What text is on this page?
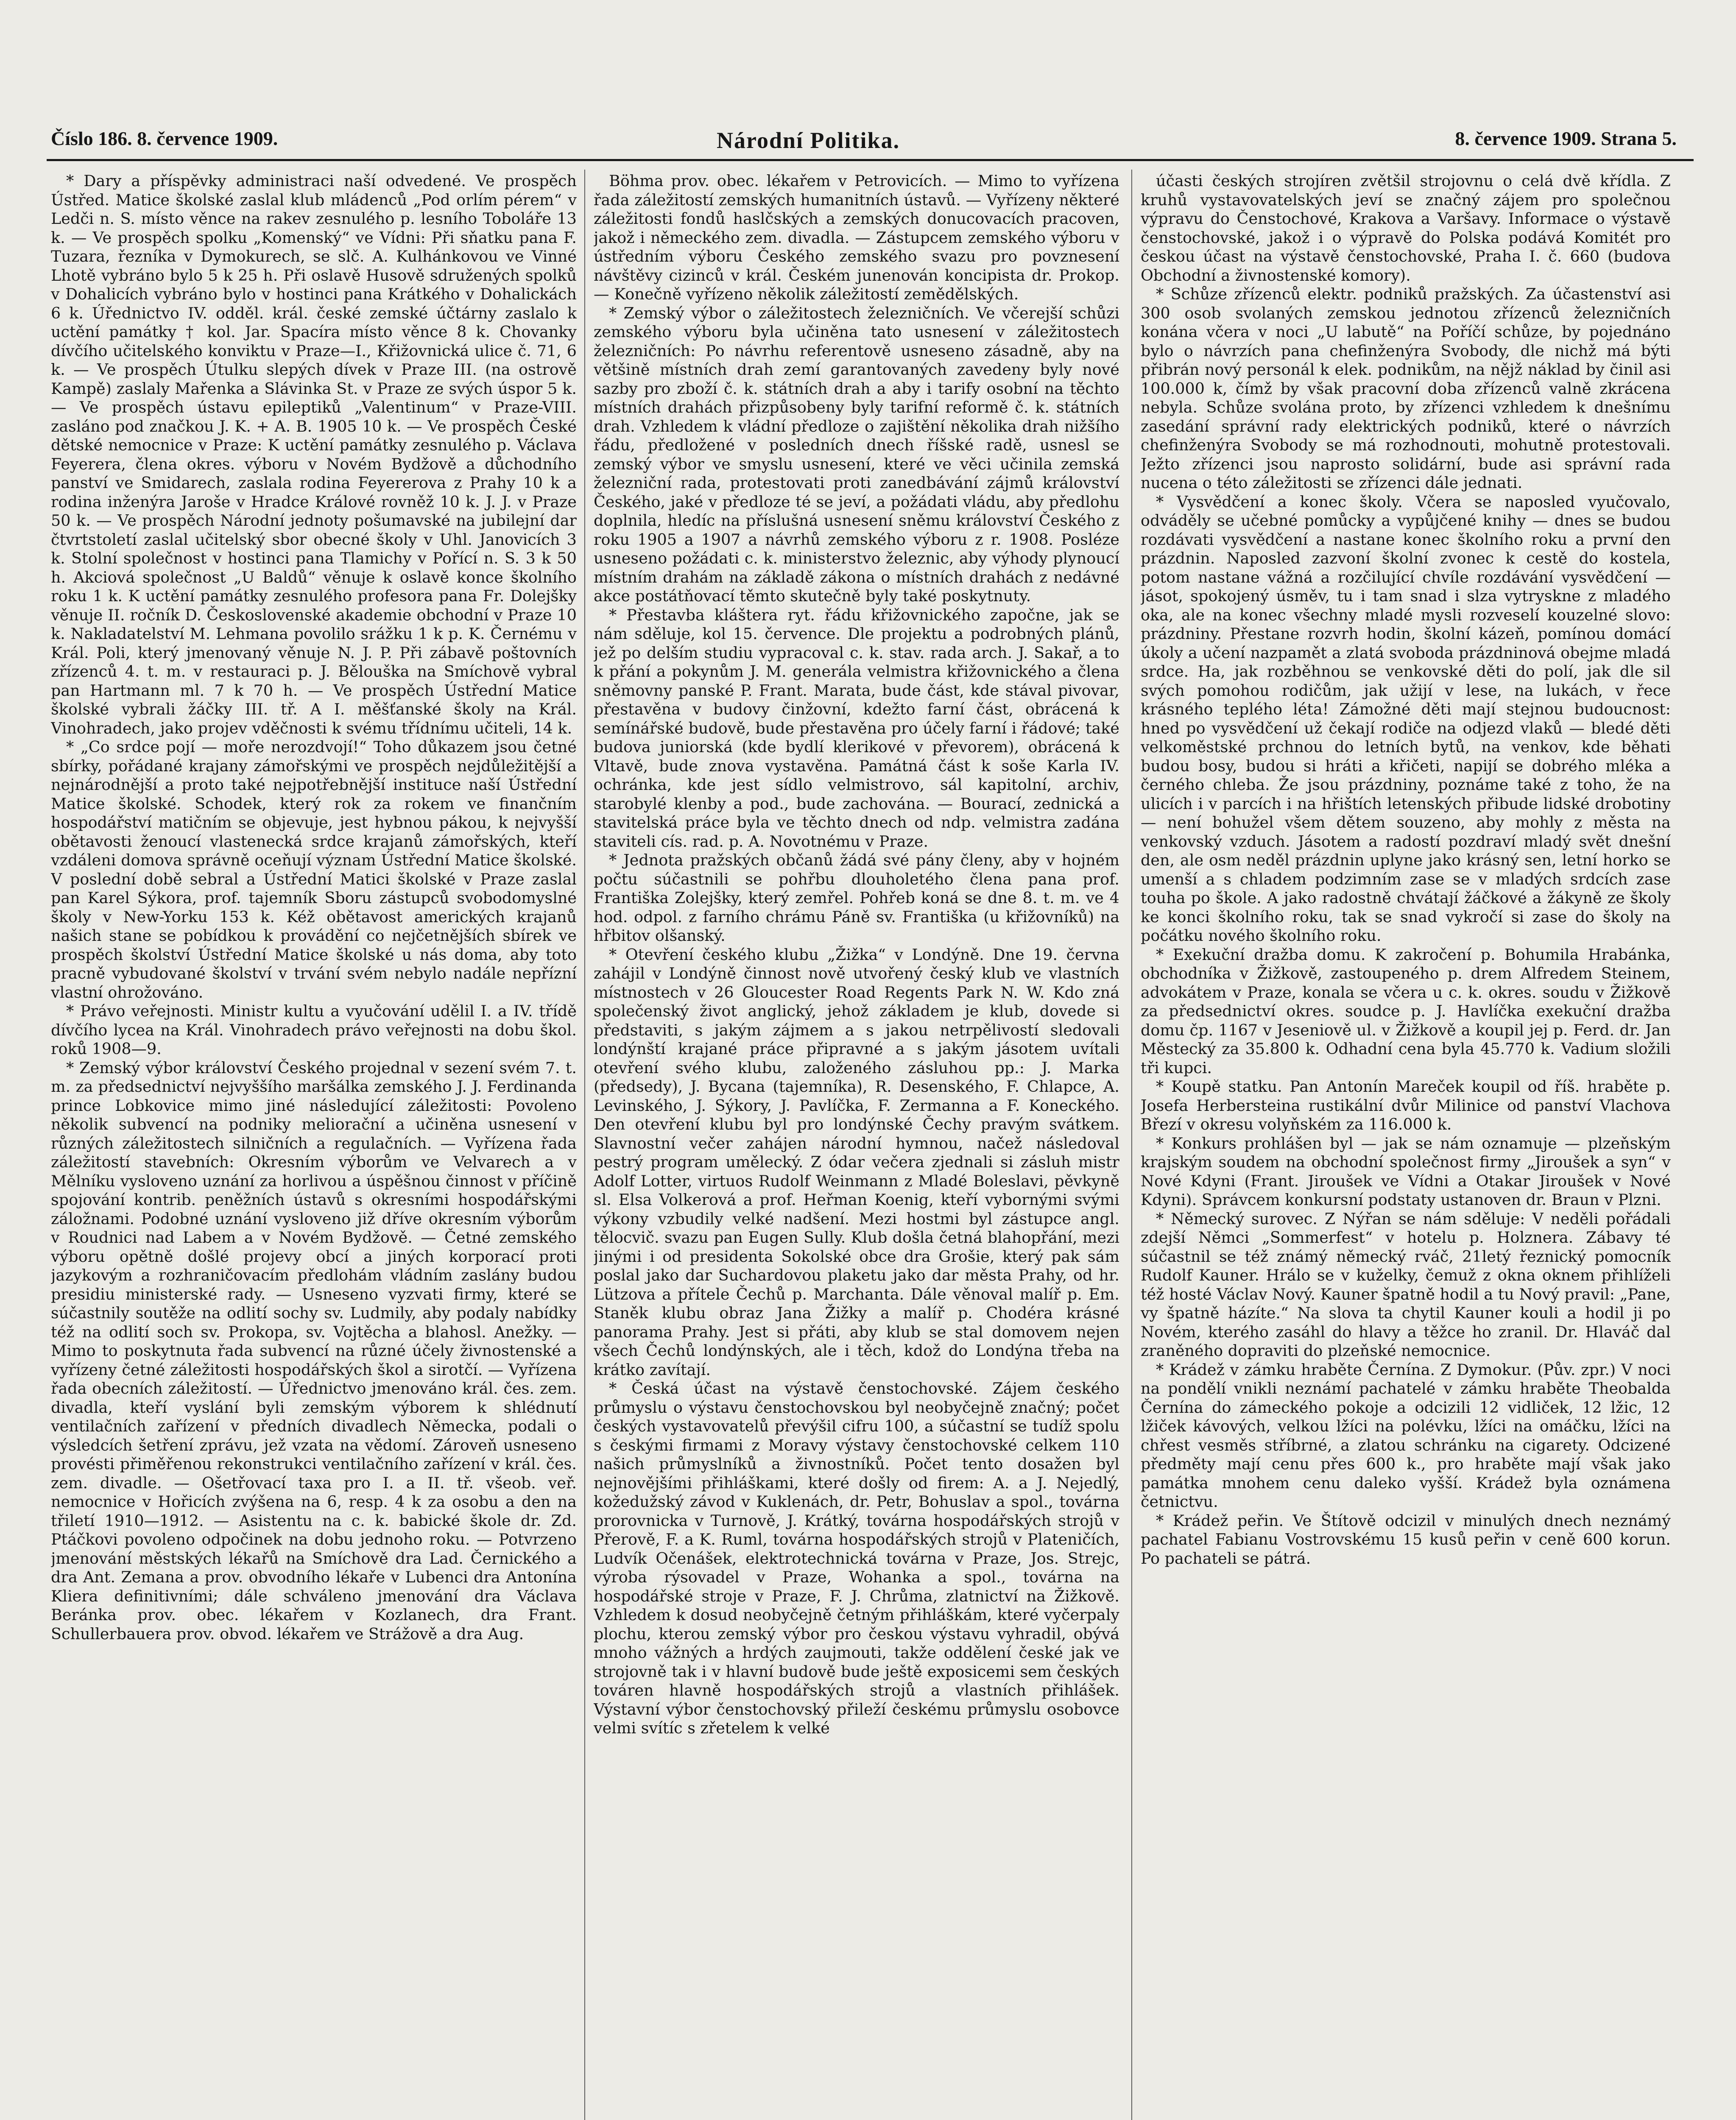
Číslo 186. 8. července 1909.	Národní Politika.	8. července 1909. Strana 5.

* Dary a příspěvky administraci naší odvedené. Ve prospěch Ústřed. Matice školské zaslal klub mládenců „Pod orlím pérem“ v Ledči n. S. místo věnce na rakev zesnulého p. lesního Toboláře 13 k. — Ve prospěch spolku „Komenský“ ve Vídni: Při sňatku pana F. Tuzara, řezníka v Dymokurech, se slč. A. Kulhánkovou ve Vinné Lhotě vybráno bylo 5 k 25 h. Při oslavě Husově sdružených spolků v Dohalicích vybráno bylo v hostinci pana Krátkého v Dohalickách 6 k. Úřednictvo IV. odděl. král. české zemské účtárny zaslalo k uctění památky † kol. Jar. Spacíra místo věnce 8 k. Chovanky dívčího učitelského konviktu v Praze—I., Křižovnická ulice č. 71, 6 k. — Ve prospěch Útulku slepých dívek v Praze III. (na ostrově Kampě) zaslaly Mařenka a Slávinka St. v Praze ze svých úspor 5 k. — Ve prospěch ústavu epileptiků „Valentinum“ v Praze-VIII. zasláno pod značkou J. K. + A. B. 1905 10 k. — Ve prospěch České dětské nemocnice v Praze: K uctění památky zesnulého p. Václava Feyerera, člena okres. výboru v Novém Bydžově a důchodního panství ve Smidarech, zaslala rodina Feyererova z Prahy 10 k a rodina inženýra Jaroše v Hradce Králové rovněž 10 k. J. J. v Praze 50 k. — Ve prospěch Národní jednoty pošumavské na jubilejní dar čtvrtstoletí zaslal učitelský sbor obecné školy v Uhl. Janovicích 3 k. Stolní společnost v hostinci pana Tlamichy v Pořící n. S. 3 k 50 h. Akciová společnost „U Baldů“ věnuje k oslavě konce školního roku 1 k. K uctění památky zesnulého profesora pana Fr. Dolejšky věnuje II. ročník D. Československé akademie obchodní v Praze 10 k. Nakladatelství M. Lehmana povolilo srážku 1 k p. K. Černému v Král. Poli, který jmenovaný věnuje N. J. P. Při zábavě poštovních zřízenců 4. t. m. v restauraci p. J. Bělouška na Smíchově vybral pan Hartmann ml. 7 k 70 h. — Ve prospěch Ústřední Matice školské vybrali žáčky III. tř. A I. měšťanské školy na Král. Vinohradech, jako projev vděčnosti k svému třídnímu učiteli, 14 k.

* „Co srdce pojí — moře nerozdvojí!“ Toho důkazem jsou četné sbírky, pořádané krajany zámořskými ve prospěch nejdůležitější a nejnárodnější a proto také nejpotřebnější instituce naší Ústřední Matice školské. Schodek, který rok za rokem ve finančním hospodářství matičním se objevuje, jest hybnou pákou, k nejvyšší obětavosti ženoucí vlastenecká srdce krajanů zámořských, kteří vzdáleni domova správně oceňují význam Ústřední Matice školské. V poslední době sebral a Ústřední Matici školské v Praze zaslal pan Karel Sýkora, prof. tajemník Sboru zástupců svobodomyslné školy v New-Yorku 153 k. Kéž obětavost amerických krajanů našich stane se pobídkou k provádění co nejčetnějších sbírek ve prospěch školství Ústřední Matice školské u nás doma, aby toto pracně vybudované školství v trvání svém nebylo nadále nepřízní vlastní ohrožováno.

* Právo veřejnosti. Ministr kultu a vyučování udělil I. a IV. třídě dívčího lycea na Král. Vinohradech právo veřejnosti na dobu škol. roků 1908—9.

* Zemský výbor království Českého projednal v sezení svém 7. t. m. za předsednictví nejvyššího maršálka zemského J. J. Ferdinanda prince Lobkovice mimo jiné následující záležitosti: Povoleno několik subvencí na podniky meliorační a učiněna usnesení v různých záležitostech silničních a regulačních. — Vyřízena řada záležitostí stavebních: Okresním výborům ve Velvarech a v Mělníku vysloveno uznání za horlivou a úspěšnou činnost v příčině spojování kontrib. peněžních ústavů s okresními hospodářskými záložnami. Podobné uznání vysloveno již dříve okresním výborům v Roudnici nad Labem a v Novém Bydžově. — Četné zemského výboru opětně došlé projevy obcí a jiných korporací proti jazykovým a rozhraničovacím předlohám vládním zaslány budou presidiu ministerské rady. — Usneseno vyzvati firmy, které se súčastnily soutěže na odlití sochy sv. Ludmily, aby podaly nabídky též na odlití soch sv. Prokopa, sv. Vojtěcha a blahosl. Anežky. — Mimo to poskytnuta řada subvencí na různé účely živnostenské a vyřízeny četné záležitosti hospodářských škol a sirotčí. — Vyřízena řada obecních záležitostí. — Úřednictvo jmenováno král. čes. zem. divadla, kteří vyslání byli zemským výborem k shlédnutí ventilačních zařízení v předních divadlech Německa, podali o výsledcích šetření zprávu, jež vzata na vědomí. Zároveň usneseno provésti přiměřenou rekonstrukci ventilačního zařízení v král. čes. zem. divadle. — Ošetřovací taxa pro I. a II. tř. všeob. veř. nemocnice v Hořicích zvýšena na 6, resp. 4 k za osobu a den na třiletí 1910—1912. — Asistentu na c. k. babické škole dr. Zd. Ptáčkovi povoleno odpočinek na dobu jednoho roku. — Potvrzeno jmenování městských lékařů na Smíchově dra Lad. Černického a dra Ant. Zemana a prov. obvodního lékaře v Lubenci dra Antonína Kliera definitivními; dále schváleno jmenování dra Václava Beránka prov. obec. lékařem v Kozlanech, dra Frant. Schullerbauera prov. obvod. lékařem ve Strážově a dra Aug.

Böhma prov. obec. lékařem v Petrovicích. — Mimo to vyřízena řada záležitostí zemských humanitních ústavů. — Vyřízeny některé záležitosti fondů haslčských a zemských donucovacích pracoven, jakož i německého zem. divadla. — Zástupcem zemského výboru v ústředním výboru Českého zemského svazu pro povznesení návštěvy cizinců v král. Českém junenován koncipista dr. Prokop. — Konečně vyřízeno několik záležitostí zemědělských.

* Zemský výbor o záležitostech železničních. Ve včerejší schůzi zemského výboru byla učiněna tato usnesení v záležitostech železničních: Po návrhu referentově usneseno zásadně, aby na většině místních drah zemí garantovaných zavedeny byly nové sazby pro zboží č. k. státních drah a aby i tarify osobní na těchto místních drahách přizpůsobeny byly tarifní reformě č. k. státních drah. Vzhledem k vládní předloze o zajištění několika drah nižšího řádu, předložené v posledních dnech říšské radě, usnesl se zemský výbor ve smyslu usnesení, které ve věci učinila zemská železniční rada, protestovati proti zanedbávání zájmů království Českého, jaké v předloze té se jeví, a požádati vládu, aby předlohu doplnila, hledíc na příslušná usnesení sněmu království Českého z roku 1905 a 1907 a návrhů zemského výboru z r. 1908. Posléze usneseno požádati c. k. ministerstvo železnic, aby výhody plynoucí místním drahám na základě zákona o místních drahách z nedávné akce postátňovací těmto skutečně byly také poskytnuty.

* Přestavba kláštera ryt. řádu křižovnického započne, jak se nám sděluje, kol 15. července. Dle projektu a podrobných plánů, jež po delším studiu vypracoval c. k. stav. rada arch. J. Sakař, a to k přání a pokynům J. M. generála velmistra křižovnického a člena sněmovny panské P. Frant. Marata, bude část, kde stával pivovar, přestavěna v budovy činžovní, kdežto farní část, obrácená k semínářské budově, bude přestavěna pro účely farní i řádové; také budova juniorská (kde bydlí klerikové v převorem), obrácená k Vltavě, bude znova vystavěna. Památná část k soše Karla IV. ochránka, kde jest sídlo velmistrovo, sál kapitolní, archiv, starobylé klenby a pod., bude zachována. — Bourací, zednická a stavitelská práce byla ve těchto dnech od ndp. velmistra zadána staviteli cís. rad. p. A. Novotnému v Praze.

* Jednota pražských občanů žádá své pány členy, aby v hojném počtu súčastnili se pohřbu dlouholetého člena pana prof. Františka Zolejšky, který zemřel. Pohřeb koná se dne 8. t. m. ve 4 hod. odpol. z farního chrámu Páně sv. Františka (u křižovníků) na hřbitov olšanský.

* Otevření českého klubu „Žižka“ v Londýně. Dne 19. června zahájil v Londýně činnost nově utvořený český klub ve vlastních místnostech v 26 Gloucester Road Regents Park N. W. Kdo zná společenský život anglický, jehož základem je klub, dovede si představiti, s jakým zájmem a s jakou netrpělivostí sledovali londýnští krajané práce připravné a s jakým jásotem uvítali otevření svého klubu, založeného zásluhou pp.: J. Marka (předsedy), J. Bycana (tajemníka), R. Desenského, F. Chlapce, A. Levinského, J. Sýkory, J. Pavlíčka, F. Zermanna a F. Koneckého. Den otevření klubu byl pro londýnské Čechy pravým svátkem. Slavnostní večer zahájen národní hymnou, načež následoval pestrý program umělecký. Z ódar večera zjednali si zásluh mistr Adolf Lotter, virtuos Rudolf Weinmann z Mladé Boleslavi, pěvkyně sl. Elsa Volkerová a prof. Heřman Koenig, kteří vybornými svými výkony vzbudily velké nadšení. Mezi hostmi byl zástupce angl. tělocvič. svazu pan Eugen Sully. Klub došla četná blahopřání, mezi jinými i od presidenta Sokolské obce dra Grošie, který pak sám poslal jako dar Suchardovou plaketu jako dar města Prahy, od hr. Lützova a přítele Čechů p. Marchanta. Dále věnoval malíř p. Em. Staněk klubu obraz Jana Žižky a malíř p. Chodéra krásné panorama Prahy. Jest si přáti, aby klub se stal domovem nejen všech Čechů londýnských, ale i těch, kdož do Londýna třeba na krátko zavítají.

* Česká účast na výstavě čenstochovské. Zájem českého průmyslu o výstavu čenstochovskou byl neobyčejně značný; počet českých vystavovatelů převýšil cifru 100, a súčastní se tudíž spolu s českými firmami z Moravy výstavy čenstochovské celkem 110 našich průmyslníků a živnostníků. Počet tento dosažen byl nejnovějšími přihláškami, které došly od firem: A. a J. Nejedlý, kožedužský závod v Kuklenách, dr. Petr, Bohuslav a spol., továrna prorovnicka v Turnově, J. Krátký, továrna hospodářských strojů v Přerově, F. a K. Ruml, továrna hospodářských strojů v Plateničích, Ludvík Očenášek, elektrotechnická továrna v Praze, Jos. Strejc, výroba rýsovadel v Praze, Wohanka a spol., továrna na hospodářské stroje v Praze, F. J. Chrůma, zlatnictví na Žižkově. Vzhledem k dosud neobyčejně četným přihláškám, které vyčerpaly plochu, kterou zemský výbor pro českou výstavu vyhradil, obývá mnoho vážných a hrdých zaujmouti, takže oddělení české jak ve strojovně tak i v hlavní budově bude ještě exposicemi sem českých továren hlavně hospodářských strojů a vlastních přihlášek. Výstavní výbor čenstochovský přileží českému průmyslu osobovce velmi svítíc s zřetelem k velké

účasti českých strojíren zvětšil strojovnu o celá dvě křídla. Z kruhů vystavovatelských jeví se značný zájem pro společnou výpravu do Čenstochové, Krakova a Varšavy. Informace o výstavě čenstochovské, jakož i o výpravě do Polska podává Komitét pro českou účast na výstavě čenstochovské, Praha I. č. 660 (budova Obchodní a živnostenské komory).

* Schůze zřízenců elektr. podniků pražských. Za účastenství asi 300 osob svolaných zemskou jednotou zřízenců železničních konána včera v noci „U labutě“ na Poříčí schůze, by pojednáno bylo o návrzích pana chefinženýra Svobody, dle nichž má býti přibrán nový personál k elek. podnikům, na nějž náklad by činil asi 100.000 k, čímž by však pracovní doba zřízenců valně zkrácena nebyla. Schůze svolána proto, by zřízenci vzhledem k dnešnímu zasedání správní rady elektrických podniků, které o návrzích chefinženýra Svobody se má rozhodnouti, mohutně protestovali. Ježto zřízenci jsou naprosto solidární, bude asi správní rada nucena o této záležitosti se zřízenci dále jednati.

* Vysvědčení a konec školy. Včera se naposled vyučovalo, odváděly se učebné pomůcky a vypůjčené knihy — dnes se budou rozdávati vysvědčení a nastane konec školního roku a první den prázdnin. Naposled zazvoní školní zvonec k cestě do kostela, potom nastane vážná a rozčilující chvíle rozdávání vysvědčení — jásot, spokojený úsměv, tu i tam snad i slza vytryskne z mladého oka, ale na konec všechny mladé mysli rozveselí kouzelné slovo: prázdniny. Přestane rozvrh hodin, školní kázeň, pomínou domácí úkoly a učení nazpamět a zlatá svoboda prázdninová obejme mladá srdce. Ha, jak rozběhnou se venkovské děti do polí, jak dle sil svých pomohou rodičům, jak užijí v lese, na lukách, v řece krásného teplého léta! Zámožné děti mají stejnou budoucnost: hned po vysvědčení už čekají rodiče na odjezd vlaků — bledé děti velkoměstské prchnou do letních bytů, na venkov, kde běhati budou bosy, budou si hráti a křičeti, napijí se dobrého mléka a černého chleba. Že jsou prázdniny, poznáme také z toho, že na ulicích i v parcích i na hřištích letenských přibude lidské drobotiny — není bohužel všem dětem souzeno, aby mohly z města na venkovský vzduch. Jásotem a radostí pozdraví mladý svět dnešní den, ale osm neděl prázdnin uplyne jako krásný sen, letní horko se umenší a s chladem podzimním zase se v mladých srdcích zase touha po škole. A jako radostně chvátají žáčkové a žákyně ze školy ke konci školního roku, tak se snad vykročí si zase do školy na počátku nového školního roku.

* Exekuční dražba domu. K zakročení p. Bohumila Hrabánka, obchodníka v Žižkově, zastoupeného p. drem Alfredem Steinem, advokátem v Praze, konala se včera u c. k. okres. soudu v Žižkově za předsednictví okres. soudce p. J. Havlíčka exekuční dražba domu čp. 1167 v Jeseniově ul. v Žižkově a koupil jej p. Ferd. dr. Jan Městecký za 35.800 k. Odhadní cena byla 45.770 k. Vadium složili tři kupci.

* Koupě statku. Pan Antonín Mareček koupil od říš. hraběte p. Josefa Herbersteina rustikální dvůr Milinice od panství Vlachova Březí v okresu volyňském za 116.000 k.

* Konkurs prohlášen byl — jak se nám oznamuje — plzeňským krajským soudem na obchodní společnost firmy „Jiroušek a syn“ v Nové Kdyni (Frant. Jiroušek ve Vídni a Otakar Jiroušek v Nové Kdyni). Správcem konkursní podstaty ustanoven dr. Braun v Plzni.

* Německý surovec. Z Nýřan se nám sděluje: V neděli pořádali zdejší Němci „Sommerfest“ v hotelu p. Holznera. Zábavy té súčastnil se též známý německý rváč, 21letý řeznický pomocník Rudolf Kauner. Hrálo se v kuželky, čemuž z okna oknem přihlíželi též hosté Václav Nový. Kauner špatně hodil a tu Nový pravil: „Pane, vy špatně házíte.“ Na slova ta chytil Kauner kouli a hodil ji po Novém, kterého zasáhl do hlavy a těžce ho zranil. Dr. Hlaváč dal zraněného dopraviti do plzeňské nemocnice.

* Krádež v zámku hraběte Černína. Z Dymokur. (Pův. zpr.) V noci na pondělí vnikli neznámí pachatelé v zámku hraběte Theobalda Černína do zámeckého pokoje a odcizili 12 vidliček, 12 lžic, 12 lžiček kávových, velkou lžíci na polévku, lžíci na omáčku, lžíci na chřest vesměs stříbrné, a zlatou schránku na cigarety. Odcizené předměty mají cenu přes 600 k., pro hraběte mají však jako památka mnohem cenu daleko vyšší. Krádež byla oznámena četnictvu.

* Krádež peřin. Ve Štítově odcizil v minulých dnech neznámý pachatel Fabianu Vostrovskému 15 kusů peřin v ceně 600 korun. Po pachateli se pátrá.
